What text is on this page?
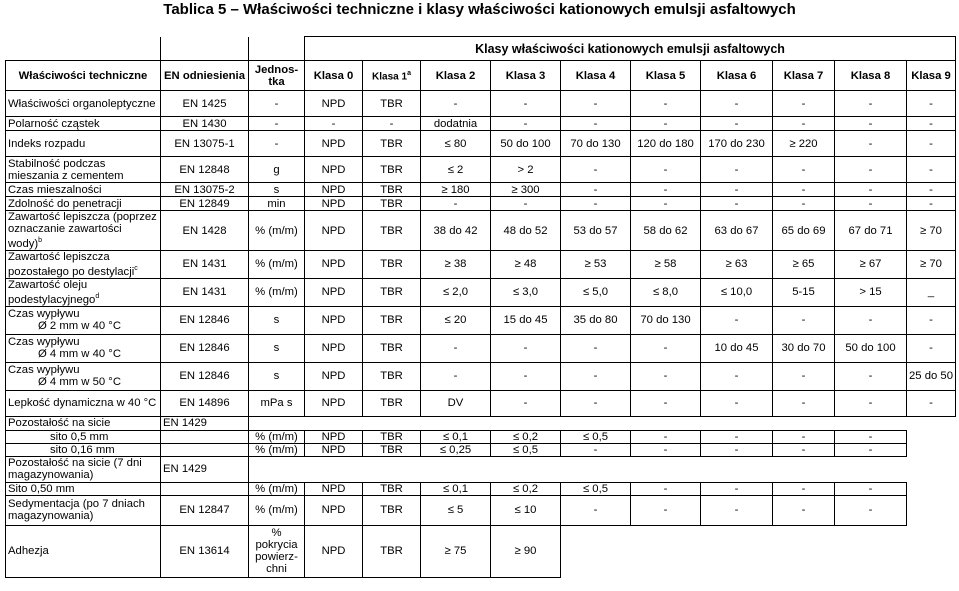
Tablica 5 – Właściwości techniczne i klasy właściwości kationowych emulsji asfaltowych
			Klasy właściwości kationowych emulsji asfaltowych									
Właściwości techniczne	EN odniesienia	Jednos-tka	Klasa 0	Klasa 1$^a$	Klasa 2	Klasa 3	Klasa 4	Klasa 5	Klasa 6	Klasa 7	Klasa 8	Klasa 9
Właściwości organoleptyczne	EN 1425	-	NPD	TBR	-	-	-	-	-	-	-	-
Polarność cząstek	EN 1430	-	-	-	dodatnia	-	-	-	-	-	-	-
Indeks rozpadu	EN 13075-1	-	NPD	TBR	≤ 80	50 do 100	70 do 130	120 do 180	170 do 230	≥ 220	-	-
Stabilność podczas mieszania z cementem	EN 12848	g	NPD	TBR	≤ 2	> 2	-	-	-	-	-	-
Czas mieszalności	EN 13075-2	s	NPD	TBR	≥ 180	≥ 300	-	-	-	-	-	-
Zdolność do penetracji	EN 12849	min	NPD	TBR	-	-	-	-	-	-	-	-
Zawartość lepiszcza (poprzez oznaczanie zawartości wody)$^b$	EN 1428	% (m/m)	NPD	TBR	38 do 42	48 do 52	53 do 57	58 do 62	63 do 67	65 do 69	67 do 71	≥ 70
Zawartość lepiszcza pozostałego po destylacji$^c$	EN 1431	% (m/m)	NPD	TBR	≥ 38	≥ 48	≥ 53	≥ 58	≥ 63	≥ 65	≥ 67	≥ 70
Zawartość oleju podestylacyjnego$^d$	EN 1431	% (m/m)	NPD	TBR	≤ 2,0	≤ 3,0	≤ 5,0	≤ 8,0	≤ 10,0	5-15	> 15	_

Czas wypływu
Ø 2 mm w 40 °C	EN 12846	s	NPD	TBR	≤ 20	15 do 45	35 do 80	70 do 130	-	-	-	-

Czas wypływu
Ø 4 mm w 40 °C	EN 12846	s	NPD	TBR	-	-	-	-	10 do 45	30 do 70	50 do 100	-

Czas wypływu
Ø 4 mm w 50 °C	EN 12846	s	NPD	TBR	-	-	-	-	-	-	-	25 do 50
Lepkość dynamiczna w 40 °C	EN 14896	mPa s	NPD	TBR	DV	-	-	-	-	-	-	-
Pozostałość na sicie	EN 1429											
sito 0,5 mm		% (m/m)	NPD	TBR	≤ 0,1	≤ 0,2	≤ 0,5	-	-	-	-	
sito 0,16 mm		% (m/m)	NPD	TBR	≤ 0,25	≤ 0,5	-	-	-	-	-	
Pozostałość na sicie (7 dni magazynowania)	EN 1429											
Sito 0,50 mm		% (m/m)	NPD	TBR	≤ 0,1	≤ 0,2	≤ 0,5	-	-	-	-	
Sedymentacja (po 7 dniach magazynowania)	EN 12847	% (m/m)	NPD	TBR	≤ 5	≤ 10	-	-	-	-	-	
Adhezja	EN 13614	% pokrycia powierz-chni	NPD	TBR	≥ 75	≥ 90						
